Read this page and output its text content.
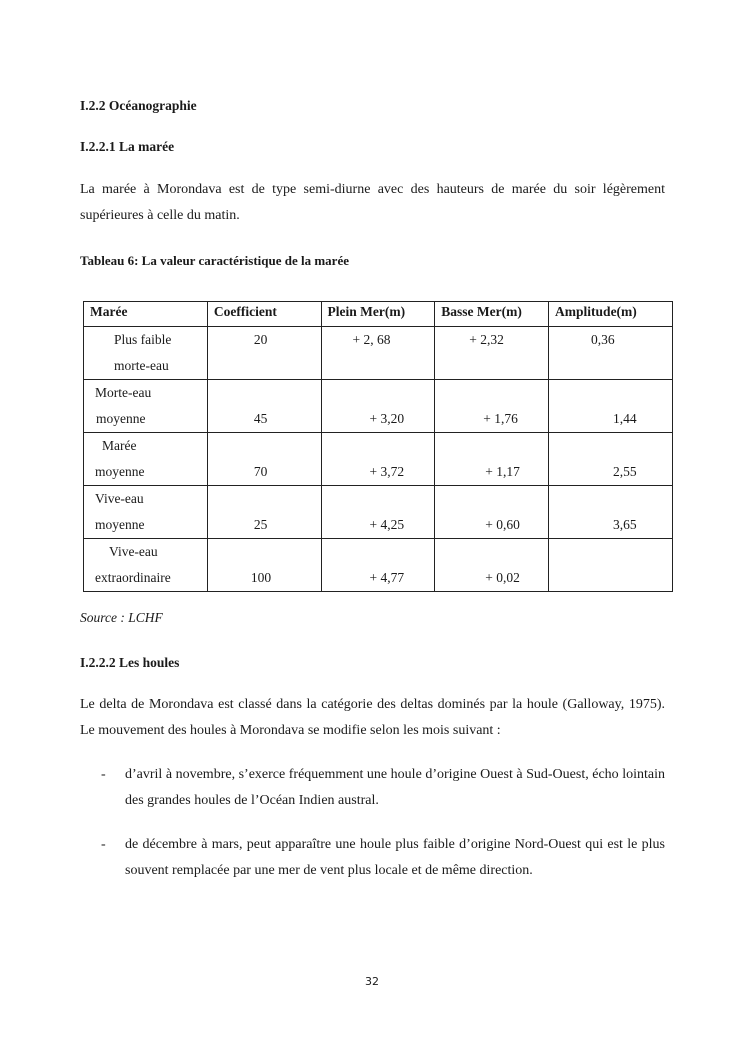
I.2.2 Océanographie
I.2.2.1 La marée
La marée à Morondava est de type semi-diurne avec des hauteurs de marée du soir légèrement supérieures à celle du matin.
Tableau 6: La valeur caractéristique de la marée
Marée	Coefficient	Plein Mer(m)	Basse Mer(m)	Amplitude(m)

Plus faible
morte-eau	20	+ 2, 68	+ 2,32	0,36

Morte-eau
moyenne	45	+ 3,20	+ 1,76	1,44

Marée
moyenne	70	+ 3,72	+ 1,17	2,55

Vive-eau
moyenne	25	+ 4,25	+ 0,60	3,65

Vive-eau
extraordinaire	100	+ 4,77	+ 0,02	

Source : LCHF
I.2.2.2 Les houles
Le delta de Morondava est classé dans la catégorie des deltas dominés par la houle (Galloway, 1975). Le mouvement des houles à Morondava se modifie selon les mois suivant :
- d’avril à novembre, s’exerce fréquemment une houle d’origine Ouest à Sud-Ouest, écho lointain des grandes houles de l’Océan Indien austral.
- de décembre à mars, peut apparaître une houle plus faible d’origine Nord-Ouest qui est le plus souvent remplacée par une mer de vent plus locale et de même direction.
32
